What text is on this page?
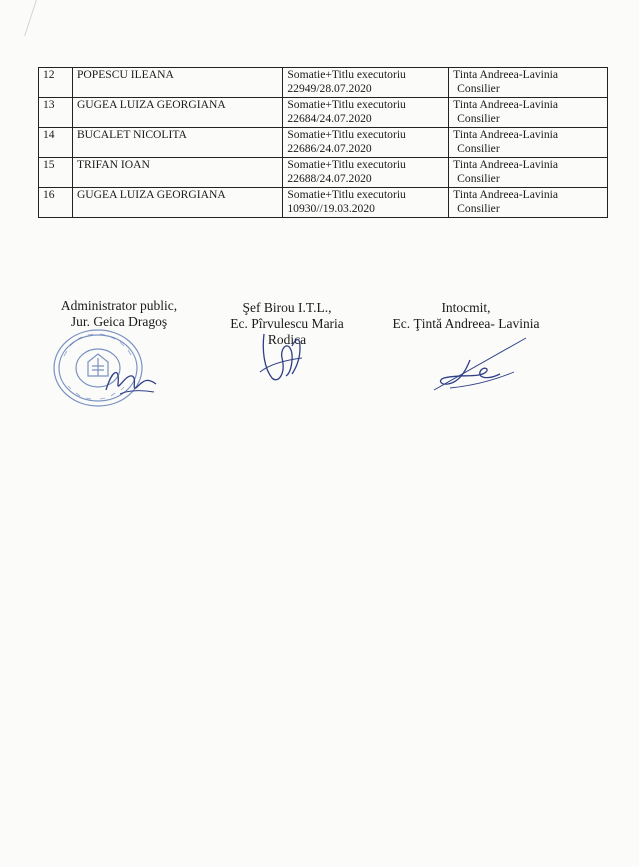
12	POPESCU ILEANA	Somatie+Titlu executoriu
22949/28.07.2020	Tinta Andreea-Lavinia
Consilier

13	GUGEA LUIZA GEORGIANA	Somatie+Titlu executoriu
22684/24.07.2020	Tinta Andreea-Lavinia
Consilier

14	BUCALET NICOLITA	Somatie+Titlu executoriu
22686/24.07.2020	Tinta Andreea-Lavinia
Consilier

15	TRIFAN IOAN	Somatie+Titlu executoriu
22688/24.07.2020	Tinta Andreea-Lavinia
Consilier

16	GUGEA LUIZA GEORGIANA	Somatie+Titlu executoriu
10930//19.03.2020	Tinta Andreea-Lavinia
Consilier
Administrator public,
Jur. Geica Dragoş
Şef Birou I.T.L.,
Ec. Pîrvulescu Maria
Rodica
Intocmit,
Ec. Ţintă Andreea- Lavinia
